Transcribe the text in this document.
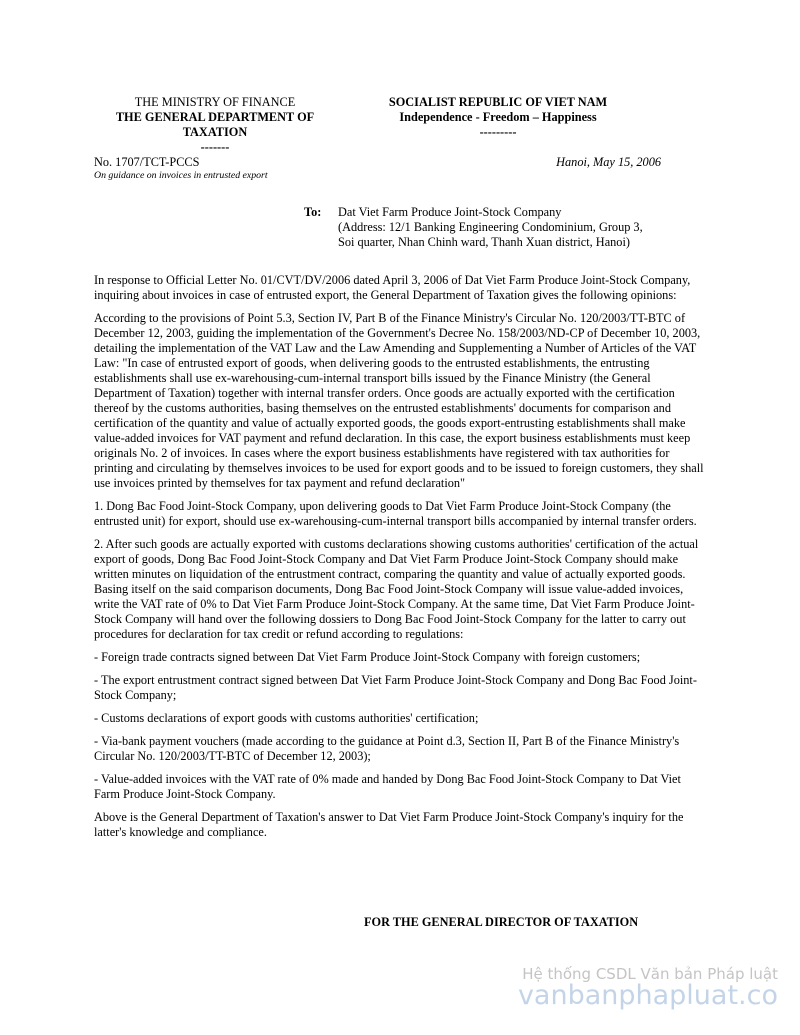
THE MINISTRY OF FINANCE
THE GENERAL DEPARTMENT OF
TAXATION
-------
SOCIALIST REPUBLIC OF VIET NAM
Independence - Freedom – Happiness
---------
No. 1707/TCT-PCCS
On guidance on invoices in entrusted export
Hanoi, May 15, 2006
To: Dat Viet Farm Produce Joint-Stock Company
(Address: 12/1 Banking Engineering Condominium, Group 3, Soi quarter, Nhan Chinh ward, Thanh Xuan district, Hanoi)

In response to Official Letter No. 01/CVT/DV/2006 dated April 3, 2006 of Dat Viet Farm Produce Joint-Stock Company, inquiring about invoices in case of entrusted export, the General Department of Taxation gives the following opinions:

According to the provisions of Point 5.3, Section IV, Part B of the Finance Ministry's Circular No. 120/2003/TT-BTC of December 12, 2003, guiding the implementation of the Government's Decree No. 158/2003/ND-CP of December 10, 2003, detailing the implementation of the VAT Law and the Law Amending and Supplementing a Number of Articles of the VAT Law: "In case of entrusted export of goods, when delivering goods to the entrusted establishments, the entrusting establishments shall use ex-warehousing-cum-internal transport bills issued by the Finance Ministry (the General Department of Taxation) together with internal transfer orders. Once goods are actually exported with the certification thereof by the customs authorities, basing themselves on the entrusted establishments' documents for comparison and certification of the quantity and value of actually exported goods, the goods export-entrusting establishments shall make value-added invoices for VAT payment and refund declaration. In this case, the export business establishments must keep originals No. 2 of invoices. In cases where the export business establishments have registered with tax authorities for printing and circulating by themselves invoices to be used for export goods and to be issued to foreign customers, they shall use invoices printed by themselves for tax payment and refund declaration"

1. Dong Bac Food Joint-Stock Company, upon delivering goods to Dat Viet Farm Produce Joint-Stock Company (the entrusted unit) for export, should use ex-warehousing-cum-internal transport bills accompanied by internal transfer orders.

2. After such goods are actually exported with customs declarations showing customs authorities' certification of the actual export of goods, Dong Bac Food Joint-Stock Company and Dat Viet Farm Produce Joint-Stock Company should make written minutes on liquidation of the entrustment contract, comparing the quantity and value of actually exported goods. Basing itself on the said comparison documents, Dong Bac Food Joint-Stock Company will issue value-added invoices, write the VAT rate of 0% to Dat Viet Farm Produce Joint-Stock Company. At the same time, Dat Viet Farm Produce Joint-Stock Company will hand over the following dossiers to Dong Bac Food Joint-Stock Company for the latter to carry out procedures for declaration for tax credit or refund according to regulations:

- Foreign trade contracts signed between Dat Viet Farm Produce Joint-Stock Company with foreign customers;

- The export entrustment contract signed between Dat Viet Farm Produce Joint-Stock Company and Dong Bac Food Joint-Stock Company;

- Customs declarations of export goods with customs authorities' certification;

- Via-bank payment vouchers (made according to the guidance at Point d.3, Section II, Part B of the Finance Ministry's Circular No. 120/2003/TT-BTC of December 12, 2003);

- Value-added invoices with the VAT rate of 0% made and handed by Dong Bac Food Joint-Stock Company to Dat Viet Farm Produce Joint-Stock Company.

Above is the General Department of Taxation's answer to Dat Viet Farm Produce Joint-Stock Company's inquiry for the latter's knowledge and compliance.

FOR THE GENERAL DIRECTOR OF TAXATION
Hệ thống CSDL Văn bản Pháp luật
vanbanphapluat.co
